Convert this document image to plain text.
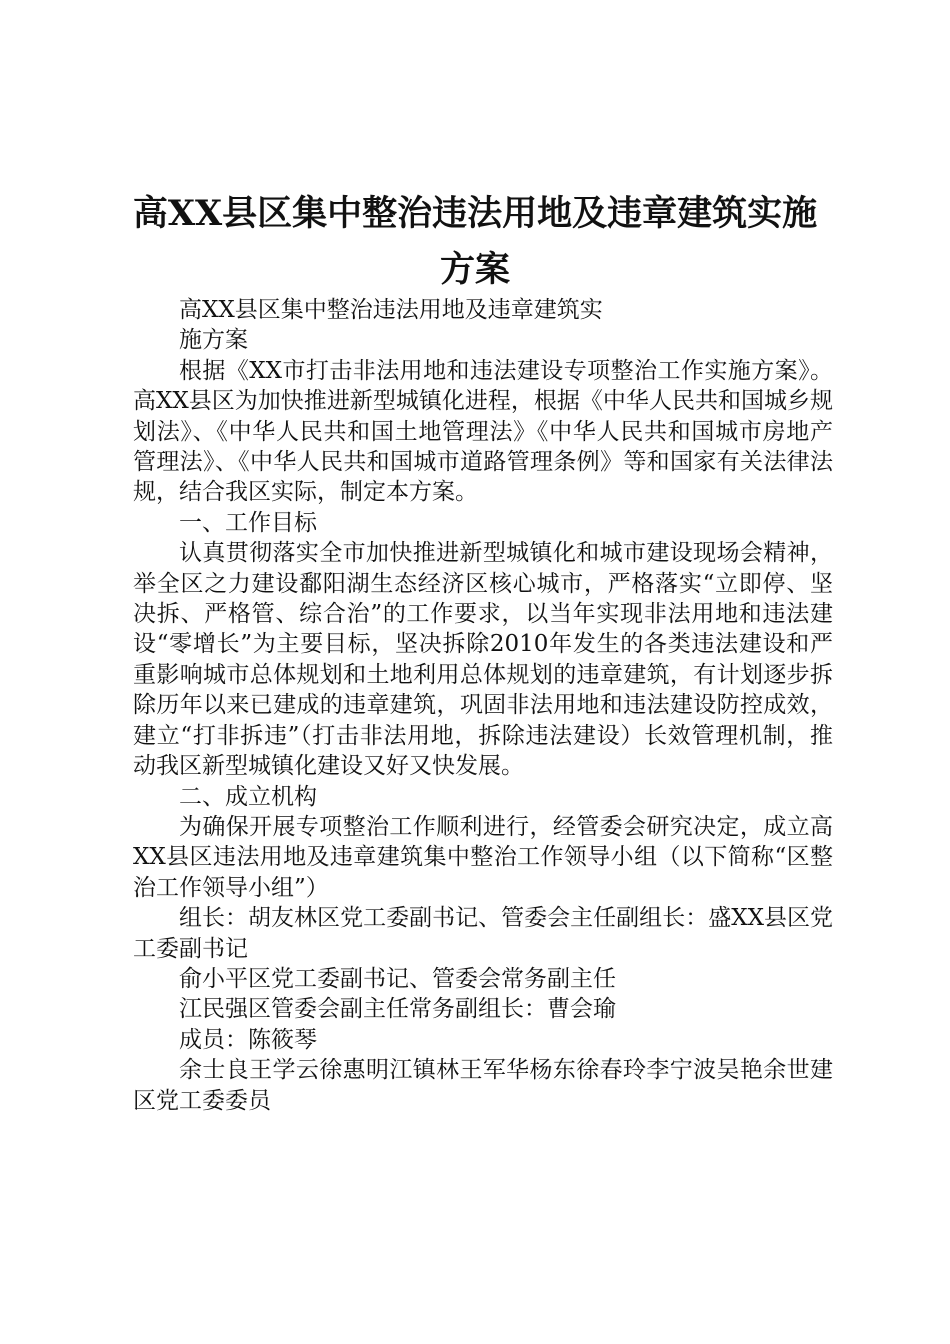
高XX县区集中整治违法用地及违章建筑实施方案

高XX县区集中整治违法用地及违章建筑实

施方案

根据《XX市打击非法用地和违法建设专项整治工作实施方案》。高XX县区为加快推进新型城镇化进程，根据《中华人民共和国城乡规划法》、《中华人民共和国土地管理法》《中华人民共和国城市房地产管理法》、《中华人民共和国城市道路管理条例》等和国家有关法律法规，结合我区实际，制定本方案。

一、工作目标

认真贯彻落实全市加快推进新型城镇化和城市建设现场会精神，举全区之力建设鄱阳湖生态经济区核心城市，严格落实“立即停、坚决拆、严格管、综合治”的工作要求，以当年实现非法用地和违法建设“零增长”为主要目标，坚决拆除2010年发生的各类违法建设和严重影响城市总体规划和土地利用总体规划的违章建筑，有计划逐步拆除历年以来已建成的违章建筑，巩固非法用地和违法建设防控成效，建立“打非拆违”（打击非法用地，拆除违法建设）长效管理机制，推动我区新型城镇化建设又好又快发展。

二、成立机构

为确保开展专项整治工作顺利进行，经管委会研究决定，成立高XX县区违法用地及违章建筑集中整治工作领导小组（以下简称“区整治工作领导小组”）

组长：胡友林区党工委副书记、管委会主任副组长：盛XX县区党工委副书记

俞小平区党工委副书记、管委会常务副主任

江民强区管委会副主任常务副组长：曹会瑜

成员：陈筱琴

余士良王学云徐惠明江镇林王军华杨东徐春玲李宁波吴艳余世建区党工委委员
